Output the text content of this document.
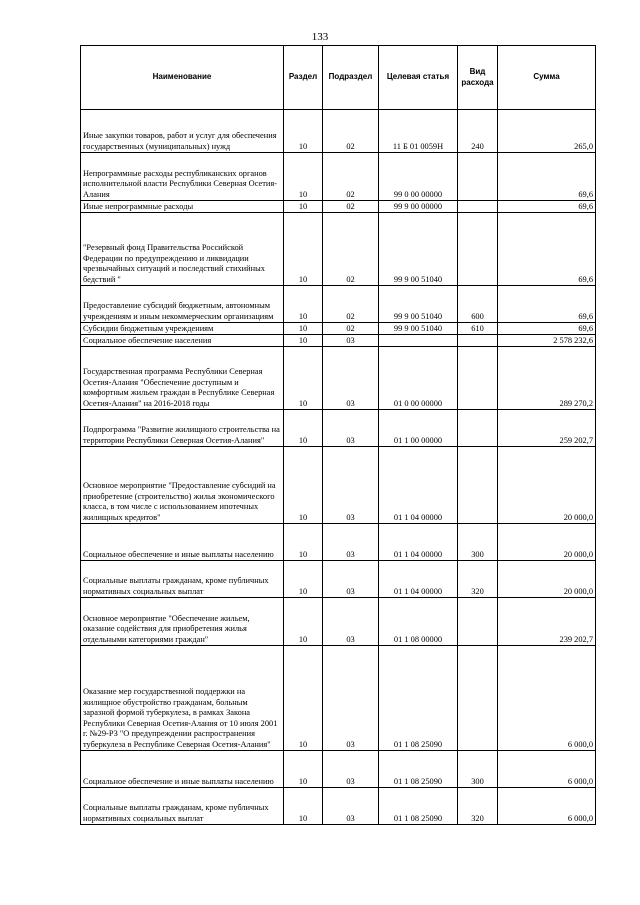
133
Наименование	Раздел	Подраздел	Целевая статья	Вид расхода	Сумма
Иные закупки товаров, работ и услуг для обеспечения государственных (муниципальных) нужд	10	02	11 Б 01 0059Н	240	265,0
Непрограммные расходы республиканских органов исполнительной власти Республики Северная Осетия-Алания	10	02	99 0 00 00000		69,6
Иные непрограммные расходы	10	02	99 9 00 00000		69,6
"Резервный фонд Правительства Российской Федерации по предупреждению и ликвидации чрезвычайных ситуаций и последствий стихийных бедствий "	10	02	99 9 00 51040		69,6
Предоставление субсидий бюджетным, автономным учреждениям и иным некоммерческим организациям	10	02	99 9 00 51040	600	69,6
Субсидии бюджетным учреждениям	10	02	99 9 00 51040	610	69,6
Социальное обеспечение населения	10	03			2 578 232,6
Государственная программа Республики Северная Осетия-Алания "Обеспечение доступным и комфортным жильем граждан в Республике Северная Осетия-Алания" на 2016-2018 годы	10	03	01 0 00 00000		289 270,2
Подпрограмма "Развитие жилищного строительства на территории Республики Северная Осетия-Алания"	10	03	01 1 00 00000		259 202,7
Основное мероприятие "Предоставление субсидий на приобретение (строительство) жилья экономического класса, в том числе с использованием ипотечных жилищных кредитов"	10	03	01 1 04 00000		20 000,0
Социальное обеспечение и иные выплаты населению	10	03	01 1 04 00000	300	20 000,0
Социальные выплаты гражданам, кроме публичных нормативных социальных выплат	10	03	01 1 04 00000	320	20 000,0
Основное мероприятие "Обеспечение жильем, оказание содействия для приобретения жилья отдельными категориями граждан"	10	03	01 1 08 00000		239 202,7
Оказание мер государственной поддержки на жилищное обустройство гражданам, больным заразной формой туберкулеза, в рамках Закона Республики Северная Осетия-Алания от 10 июля 2001 г. №29-РЗ "О предупреждении распространения туберкулеза в Республике Северная Осетия-Алания"	10	03	01 1 08 25090		6 000,0
Социальное обеспечение и иные выплаты населению	10	03	01 1 08 25090	300	6 000,0
Социальные выплаты гражданам, кроме публичных нормативных социальных выплат	10	03	01 1 08 25090	320	6 000,0
